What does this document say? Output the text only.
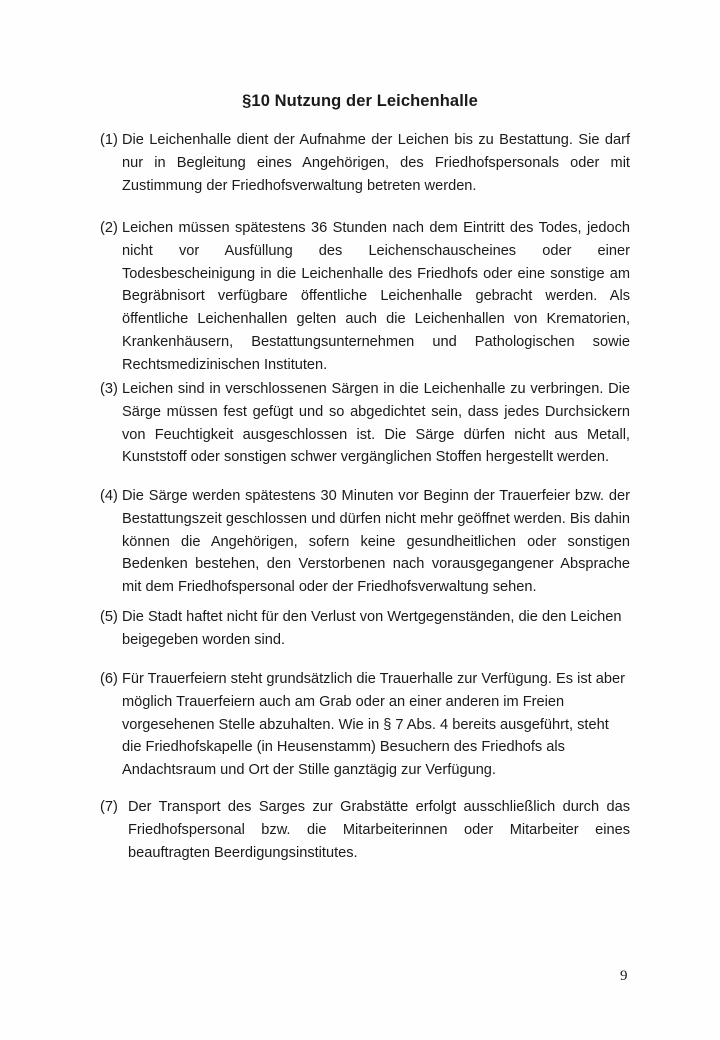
§10 Nutzung der Leichenhalle
(1) Die Leichenhalle dient der Aufnahme der Leichen bis zu Bestattung. Sie darf nur in Begleitung eines Angehörigen, des Friedhofspersonals oder mit Zustimmung der Friedhofsverwaltung betreten werden.
(2) Leichen müssen spätestens 36 Stunden nach dem Eintritt des Todes, jedoch nicht vor Ausfüllung des Leichenschauscheines oder einer Todesbescheinigung in die Leichenhalle des Friedhofs oder eine sonstige am Begräbnisort verfügbare öffentliche Leichenhalle gebracht werden. Als öffentliche Leichenhallen gelten auch die Leichenhallen von Krematorien, Krankenhäusern, Bestattungsunternehmen und Pathologischen sowie Rechtsmedizinischen Instituten.
(3) Leichen sind in verschlossenen Särgen in die Leichenhalle zu verbringen. Die Särge müssen fest gefügt und so abgedichtet sein, dass jedes Durchsickern von Feuchtigkeit ausgeschlossen ist. Die Särge dürfen nicht aus Metall, Kunststoff oder sonstigen schwer vergänglichen Stoffen hergestellt werden.
(4) Die Särge werden spätestens 30 Minuten vor Beginn der Trauerfeier bzw. der Bestattungszeit geschlossen und dürfen nicht mehr geöffnet werden. Bis dahin können die Angehörigen, sofern keine gesundheitlichen oder sonstigen Bedenken bestehen, den Verstorbenen nach vorausgegangener Absprache mit dem Friedhofspersonal oder der Friedhofsverwaltung sehen.
(5) Die Stadt haftet nicht für den Verlust von Wertgegenständen, die den Leichen beigegeben worden sind.
(6) Für Trauerfeiern steht grundsätzlich die Trauerhalle zur Verfügung. Es ist aber möglich Trauerfeiern auch am Grab oder an einer anderen im Freien vorgesehenen Stelle abzuhalten. Wie in § 7 Abs. 4 bereits ausgeführt, steht die Friedhofskapelle (in Heusenstamm) Besuchern des Friedhofs als Andachtsraum und Ort der Stille ganztägig zur Verfügung.
(7) Der Transport des Sarges zur Grabstätte erfolgt ausschließlich durch das Friedhofspersonal bzw. die Mitarbeiterinnen oder Mitarbeiter eines beauftragten Beerdigungsinstitutes.
9
